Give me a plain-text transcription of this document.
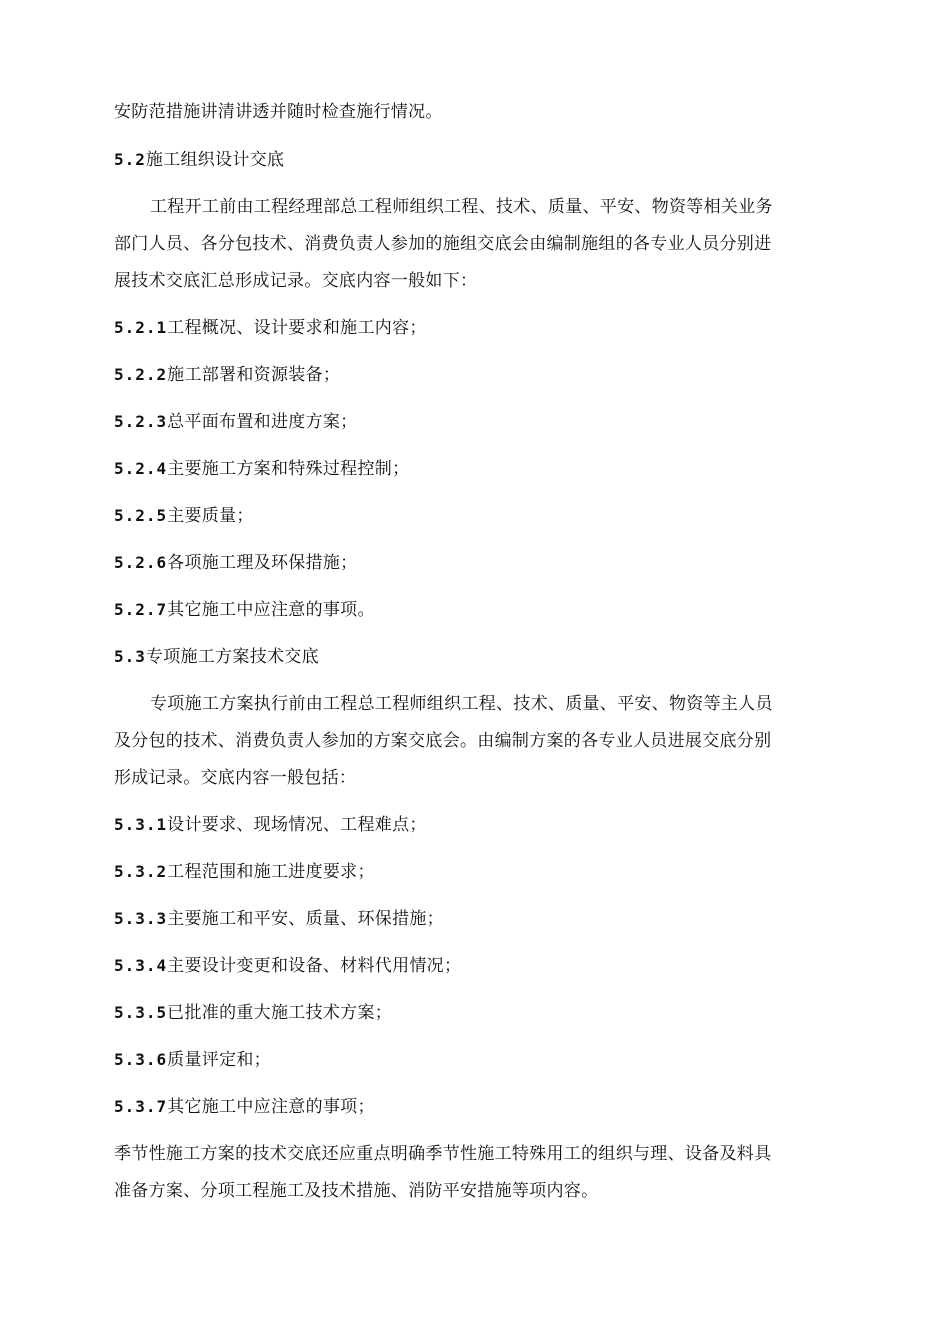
安防范措施讲清讲透并随时检查施行情况。
5.2施工组织设计交底
工程开工前由工程经理部总工程师组织工程、技术、质量、平安、物资等相关业务
部门人员、各分包技术、消费负责人参加的施组交底会由编制施组的各专业人员分别进
展技术交底汇总形成记录。交底内容一般如下：
5.2.1工程概况、设计要求和施工内容；
5.2.2施工部署和资源装备；
5.2.3总平面布置和进度方案；
5.2.4主要施工方案和特殊过程控制；
5.2.5主要质量；
5.2.6各项施工理及环保措施；
5.2.7其它施工中应注意的事项。
5.3专项施工方案技术交底
专项施工方案执行前由工程总工程师组织工程、技术、质量、平安、物资等主人员
及分包的技术、消费负责人参加的方案交底会。由编制方案的各专业人员进展交底分别
形成记录。交底内容一般包括：
5.3.1设计要求、现场情况、工程难点；
5.3.2工程范围和施工进度要求；
5.3.3主要施工和平安、质量、环保措施；
5.3.4主要设计变更和设备、材料代用情况；
5.3.5已批准的重大施工技术方案；
5.3.6质量评定和；
5.3.7其它施工中应注意的事项；
季节性施工方案的技术交底还应重点明确季节性施工特殊用工的组织与理、设备及料具
准备方案、分项工程施工及技术措施、消防平安措施等项内容。
